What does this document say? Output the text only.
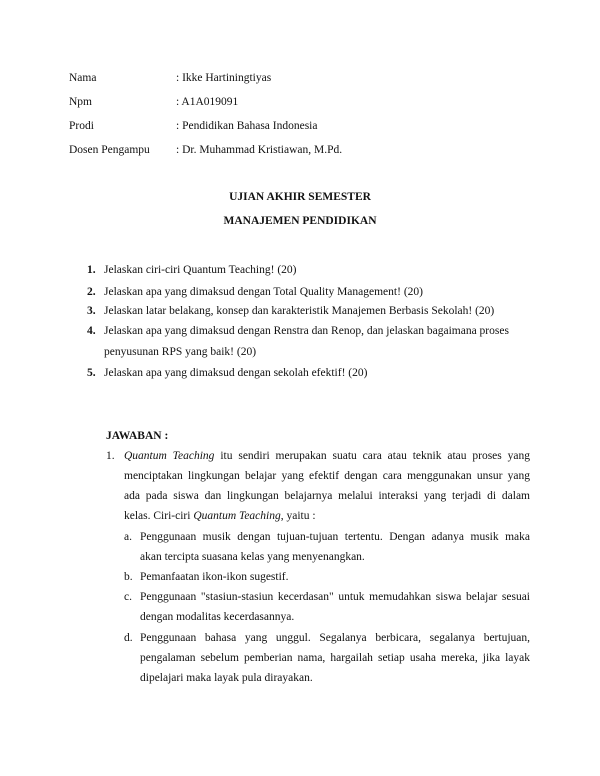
Nama	: Ikke Hartiningtiyas
Npm	: A1A019091
Prodi	: Pendidikan Bahasa Indonesia
Dosen Pengampu : Dr. Muhammad Kristiawan, M.Pd.
UJIAN AKHIR SEMESTER
MANAJEMEN PENDIDIKAN
1. Jelaskan ciri-ciri Quantum Teaching! (20)
2. Jelaskan apa yang dimaksud dengan Total Quality Management! (20)
3. Jelaskan latar belakang, konsep dan karakteristik Manajemen Berbasis Sekolah! (20)
4. Jelaskan apa yang dimaksud dengan Renstra dan Renop, dan jelaskan bagaimana proses
penyusunan RPS yang baik! (20)
5. Jelaskan apa yang dimaksud dengan sekolah efektif! (20)
JAWABAN :
1. Quantum Teaching itu sendiri merupakan suatu cara atau teknik atau proses yang
menciptakan lingkungan belajar yang efektif dengan cara menggunakan unsur yang
ada pada siswa dan lingkungan belajarnya melalui interaksi yang terjadi di dalam
kelas. Ciri-ciri Quantum Teaching, yaitu :
a. Penggunaan musik dengan tujuan-tujuan tertentu. Dengan adanya musik maka
akan tercipta suasana kelas yang menyenangkan.
b. Pemanfaatan ikon-ikon sugestif.
c. Penggunaan "stasiun-stasiun kecerdasan" untuk memudahkan siswa belajar sesuai
dengan modalitas kecerdasannya.
d. Penggunaan bahasa yang unggul. Segalanya berbicara, segalanya bertujuan,
pengalaman sebelum pemberian nama, hargailah setiap usaha mereka, jika layak
dipelajari maka layak pula dirayakan.
